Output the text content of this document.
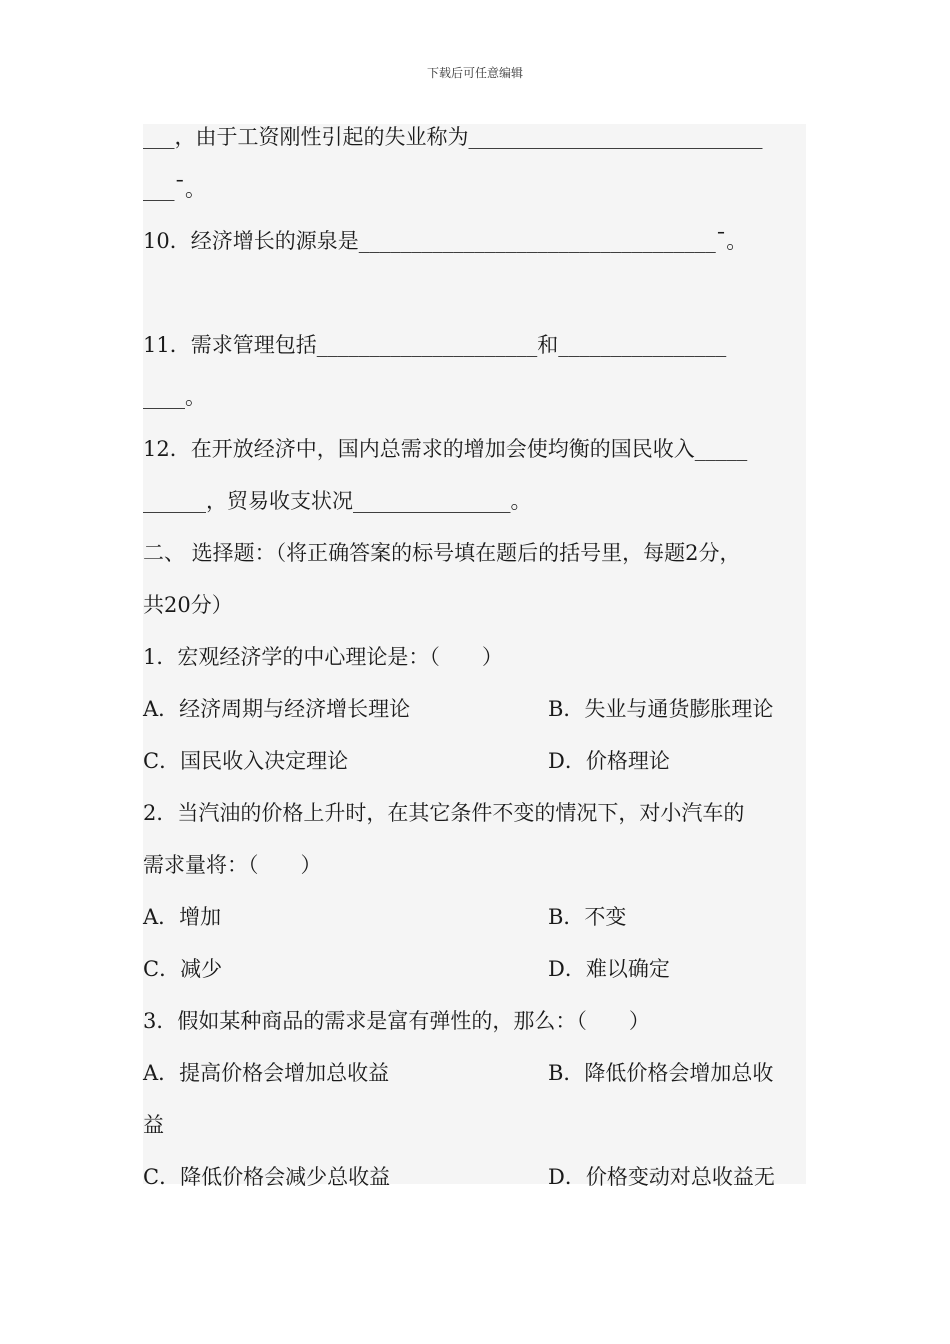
下载后可任意编辑
___，由于工资刚性引起的失业称为____________________________
___ˉ。
10．经济增长的源泉是__________________________________ˉ。
11．需求管理包括_____________________和________________
____。
12．在开放经济中，国内总需求的增加会使均衡的国民收入_____
______，贸易收支状况_______________。
二、 选择题：（将正确答案的标号填在题后的括号里，每题2分，
共20分）
1．宏观经济学的中心理论是：（　　）
A．经济周期与经济增长理论	B．失业与通货膨胀理论
C．国民收入决定理论	D．价格理论
2．当汽油的价格上升时，在其它条件不变的情况下，对小汽车的
需求量将：（　　）
A．增加	B．不变
C．减少	D．难以确定
3．假如某种商品的需求是富有弹性的，那么：（　　）
A．提高价格会增加总收益	B．降低价格会增加总收
益
C．降低价格会减少总收益	D．价格变动对总收益无
